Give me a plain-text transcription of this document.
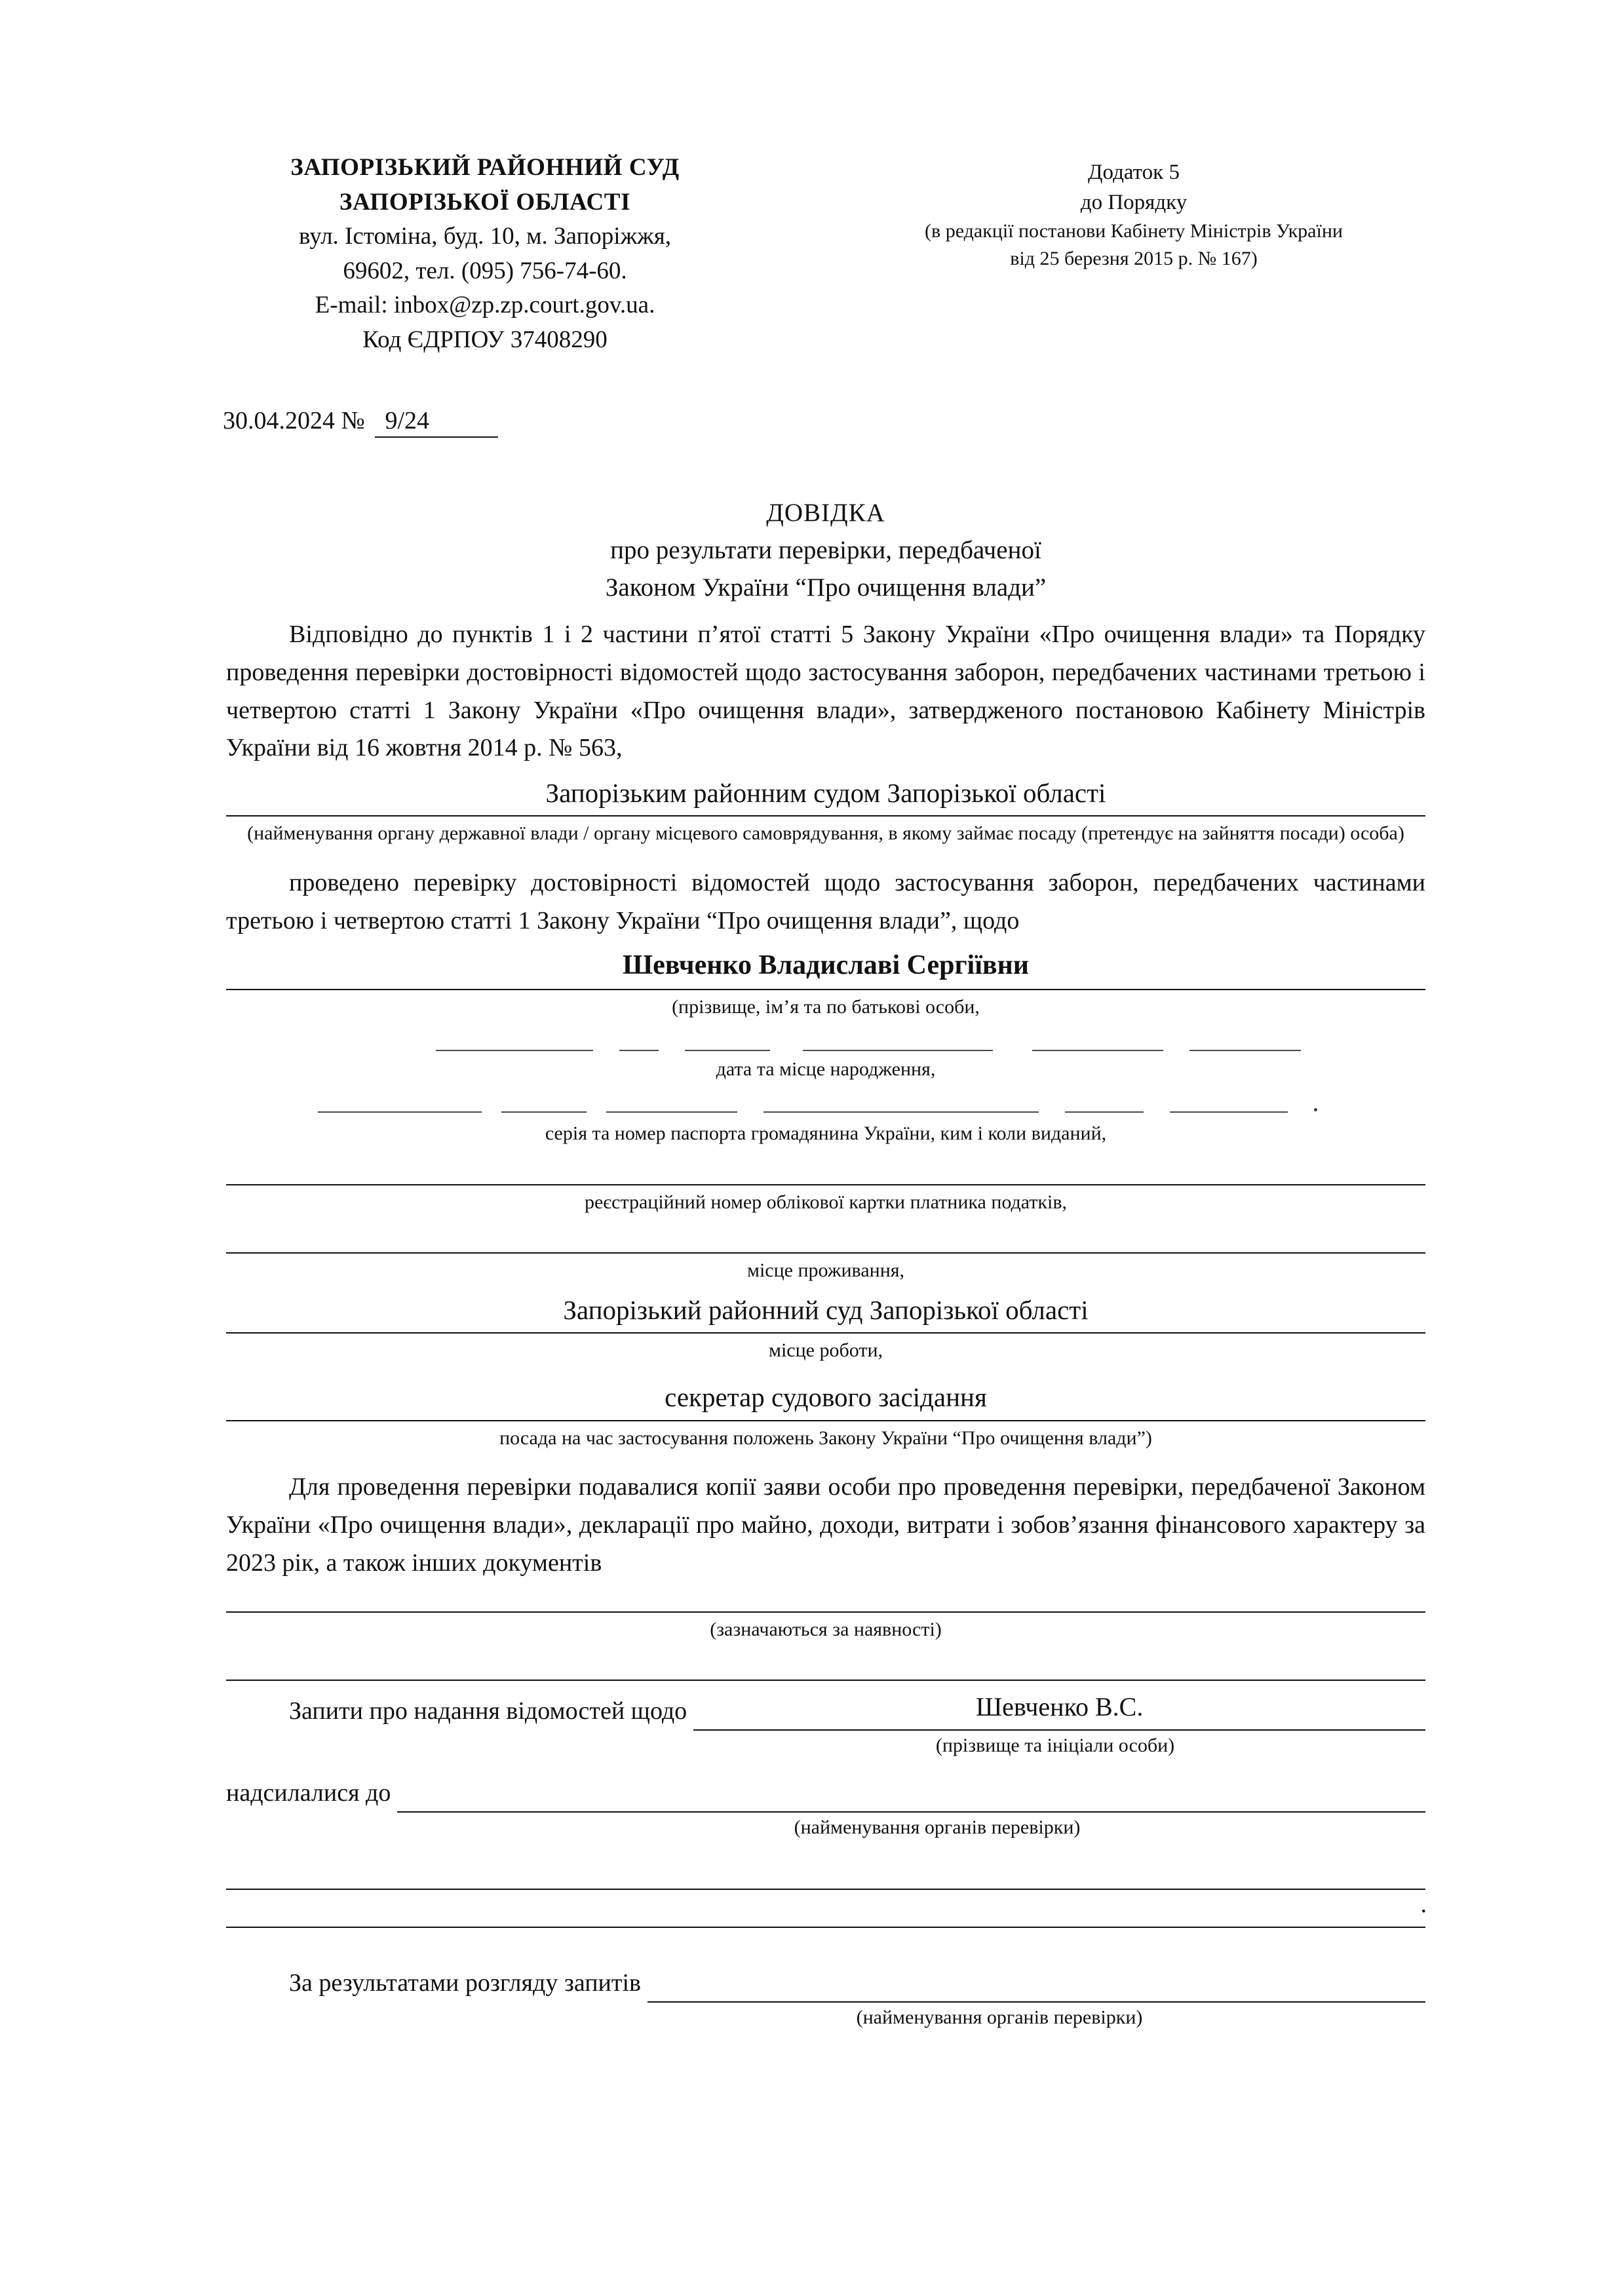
ЗАПОРІЗЬКИЙ РАЙОННИЙ СУД
ЗАПОРІЗЬКОЇ ОБЛАСТІ
вул. Істоміна, буд. 10, м. Запоріжжя,
69602, тел. (095) 756-74-60.
E-mail: inbox@zp.zp.court.gov.ua.
Код ЄДРПОУ 37408290
Додаток 5
до Порядку
(в редакції постанови Кабінету Міністрів України
від 25 березня 2015 р. № 167)
30.04.2024 № 9/24
ДОВІДКА
про результати перевірки, передбаченої
Законом України “Про очищення влади”

Відповідно до пунктів 1 і 2 частини п’ятої статті 5 Закону України «Про очищення влади» та Порядку проведення перевірки достовірності відомостей щодо застосування заборон, передбачених частинами третьою і четвертою статті 1 Закону України «Про очищення влади», затвердженого постановою Кабінету Міністрів України від 16 жовтня 2014 р. № 563,

Запорізьким районним судом Запорізької області
(найменування органу державної влади / органу місцевого самоврядування, в якому займає посаду (претендує на зайняття посади) особа)

проведено перевірку достовірності відомостей щодо застосування заборон, передбачених частинами третьою і четвертою статті 1 Закону України “Про очищення влади”, щодо

Шевченко Владиславі Сергіївни
(прізвище, ім’я та по батькові особи,
дата та місце народження,
серія та номер паспорта громадянина України, ким і коли виданий,
реєстраційний номер облікової картки платника податків,
місце проживання,
Запорізький районний суд Запорізької області
місце роботи,
секретар судового засідання
посада на час застосування положень Закону України “Про очищення влади”)

Для проведення перевірки подавалися копії заяви особи про проведення перевірки, передбаченої Законом України «Про очищення влади», декларації про майно, доходи, витрати і зобов’язання фінансового характеру за 2023 рік, а також інших документів

(зазначаються за наявності)
Запити про надання відомостей щодо	Шевченко В.С.
(прізвище та ініціали особи)
надсилалися до
(найменування органів перевірки)
.
За результатами розгляду запитів
(найменування органів перевірки)
